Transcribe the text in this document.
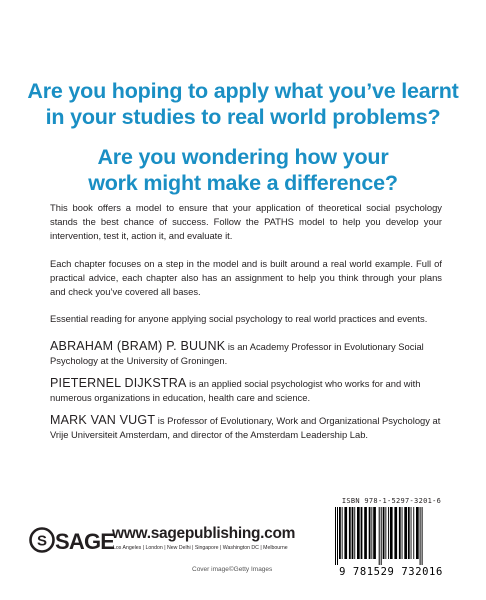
Are you hoping to apply what you’ve learnt
in your studies to real world problems?
Are you wondering how your
work might make a difference?

This book offers a model to ensure that your application of theoretical social psychology stands the best chance of success. Follow the PATHS model to help you develop your intervention, test it, action it, and evaluate it.

Each chapter focuses on a step in the model and is built around a real world example. Full of practical advice, each chapter also has an assignment to help you think through your plans and check you’ve covered all bases.

Essential reading for anyone applying social psychology to real world practices and events.

ABRAHAM (BRAM) P. BUUNK is an Academy Professor in Evolutionary Social Psychology at the University of Groningen.

PIETERNEL DIJKSTRA is an applied social psychologist who works for and with numerous organizations in education, health care and science.

MARK VAN VUGT is Professor of Evolutionary, Work and Organizational Psychology at Vrije Universiteit Amsterdam, and director of the Amsterdam Leadership Lab.

S SAGE
www.sagepublishing.com
Los Angeles | London | New Delhi | Singapore | Washington DC | Melbourne
Cover image©Getty Images
ISBN 978-1-5297-3201-6
9 781529 732016
